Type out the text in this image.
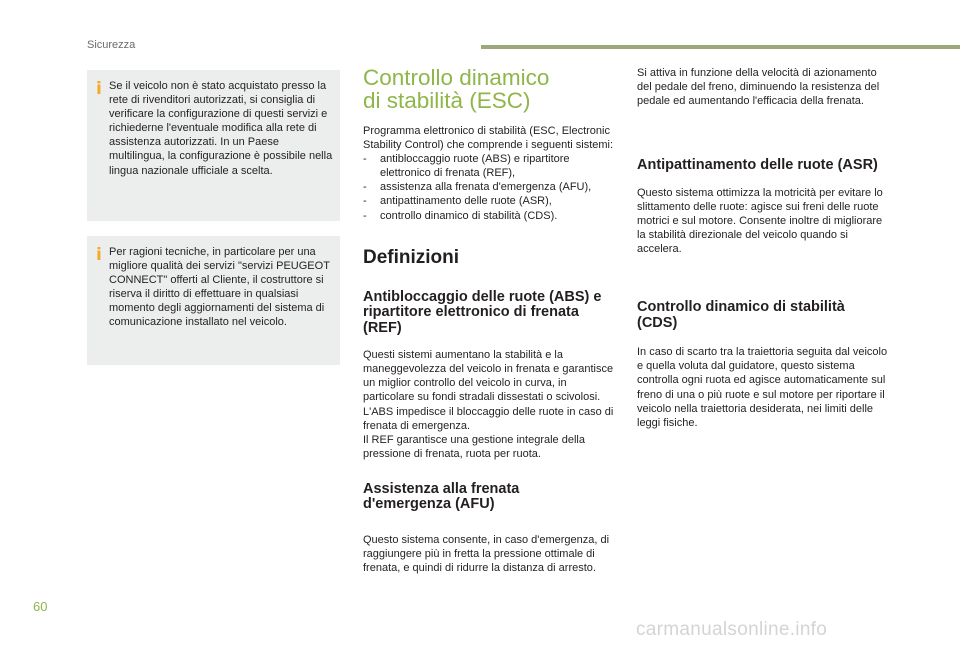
Sicurezza
i Se il veicolo non è stato acquistato presso la rete di rivenditori autorizzati, si consiglia di verificare la configurazione di questi servizi e richiederne l'eventuale modifica alla rete di assistenza autorizzati. In un Paese multilingua, la configurazione è possibile nella lingua nazionale ufficiale a scelta.

i Per ragioni tecniche, in particolare per una migliore qualità dei servizi "servizi PEUGEOT CONNECT" offerti al Cliente, il costruttore si riserva il diritto di effettuare in qualsiasi momento degli aggiornamenti del sistema di comunicazione installato nel veicolo.

Controllo dinamico di stabilità (ESC)

Programma elettronico di stabilità (ESC, Electronic Stability Control) che comprende i seguenti sistemi:

- antibloccaggio ruote (ABS) e ripartitore elettronico di frenata (REF),
- assistenza alla frenata d'emergenza (AFU),
- antipattinamento delle ruote (ASR),
- controllo dinamico di stabilità (CDS).
Definizioni
Antibloccaggio delle ruote (ABS) e ripartitore elettronico di frenata (REF)

Questi sistemi aumentano la stabilità e la maneggevolezza del veicolo in frenata e garantisce un miglior controllo del veicolo in curva, in particolare su fondi stradali dissestati o scivolosi.

L'ABS impedisce il bloccaggio delle ruote in caso di frenata di emergenza.

Il REF garantisce una gestione integrale della pressione di frenata, ruota per ruota.

Assistenza alla frenata d'emergenza (AFU)

Questo sistema consente, in caso d'emergenza, di raggiungere più in fretta la pressione ottimale di frenata, e quindi di ridurre la distanza di arresto.

Si attiva in funzione della velocità di azionamento del pedale del freno, diminuendo la resistenza del pedale ed aumentando l'efficacia della frenata.

Antipattinamento delle ruote (ASR)

Questo sistema ottimizza la motricità per evitare lo slittamento delle ruote: agisce sui freni delle ruote motrici e sul motore. Consente inoltre di migliorare la stabilità direzionale del veicolo quando si accelera.

Controllo dinamico di stabilità (CDS)

In caso di scarto tra la traiettoria seguita dal veicolo e quella voluta dal guidatore, questo sistema controlla ogni ruota ed agisce automaticamente sul freno di una o più ruote e sul motore per riportare il veicolo nella traiettoria desiderata, nei limiti delle leggi fisiche.

60
carmanualsonline.info
